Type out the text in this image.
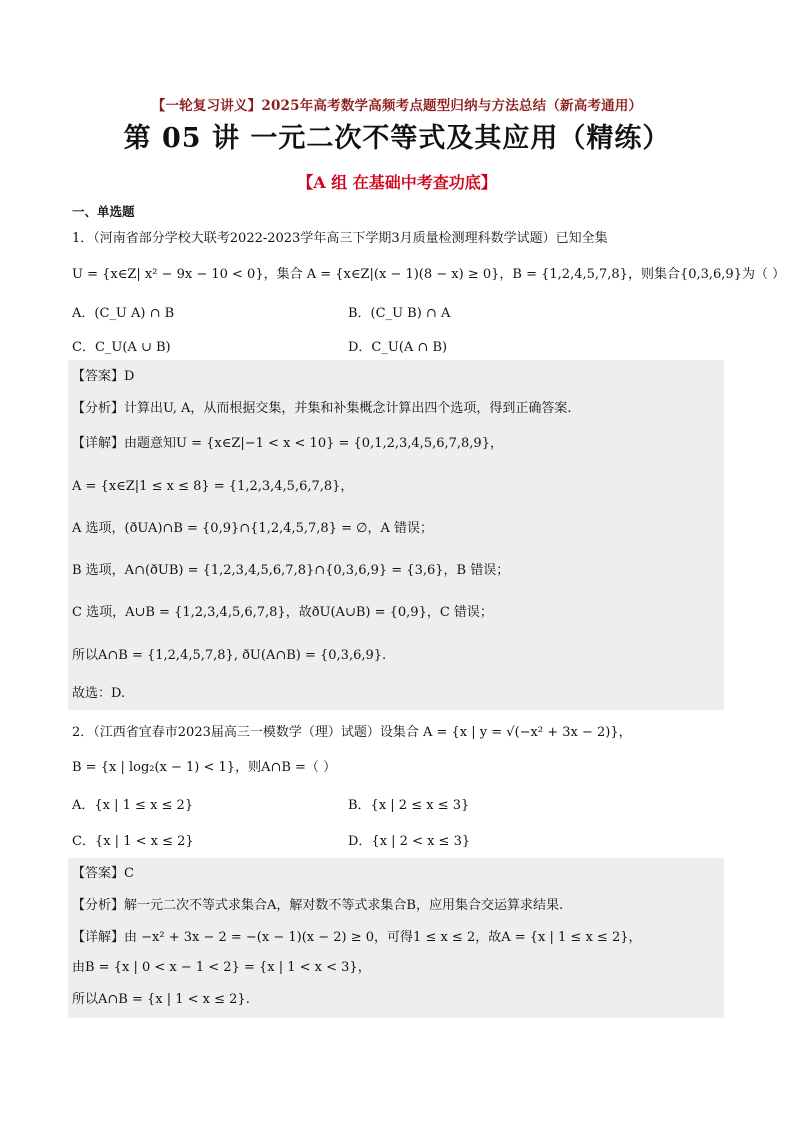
【一轮复习讲义】2025年高考数学高频考点题型归纳与方法总结（新高考通用）
第 05 讲 一元二次不等式及其应用（精练）
【A 组 在基础中考查功底】
一、单选题
1．（河南省部分学校大联考2022-2023学年高三下学期3月质量检测理科数学试题）已知全集
U = {x∈Z| x² − 9x − 10 < 0}，集合 A = {x∈Z|(x − 1)(8 − x) ≥ 0}，B = {1,2,4,5,7,8}，则集合{0,3,6,9}为（ ）
A．(C_U A) ∩ B	B．(C_U B) ∩ A
C．C_U(A ∪ B)	D．C_U(A ∩ B)
【答案】D
【分析】计算出U, A，从而根据交集，并集和补集概念计算出四个选项，得到正确答案.
【详解】由题意知U = {x∈Z|−1 < x < 10} = {0,1,2,3,4,5,6,7,8,9}，
A = {x∈Z|1 ≤ x ≤ 8} = {1,2,3,4,5,6,7,8}，
A 选项，(ðUA)∩B = {0,9}∩{1,2,4,5,7,8} = ∅，A 错误；
B 选项，A∩(ðUB) = {1,2,3,4,5,6,7,8}∩{0,3,6,9} = {3,6}，B 错误；
C 选项，A∪B = {1,2,3,4,5,6,7,8}，故ðU(A∪B) = {0,9}，C 错误；
所以A∩B = {1,2,4,5,7,8}, ðU(A∩B) = {0,3,6,9}.
故选：D.
2．（江西省宜春市2023届高三一模数学（理）试题）设集合 A = {x | y = √(−x² + 3x − 2)}，
B = {x | log₂(x − 1) < 1}，则A∩B =（ ）
A．{x | 1 ≤ x ≤ 2}	B．{x | 2 ≤ x ≤ 3}
C．{x | 1 < x ≤ 2}	D．{x | 2 < x ≤ 3}
【答案】C
【分析】解一元二次不等式求集合A，解对数不等式求集合B，应用集合交运算求结果.
【详解】由 −x² + 3x − 2 = −(x − 1)(x − 2) ≥ 0，可得1 ≤ x ≤ 2，故A = {x | 1 ≤ x ≤ 2}，
由B = {x | 0 < x − 1 < 2} = {x | 1 < x < 3}，
所以A∩B = {x | 1 < x ≤ 2}.
